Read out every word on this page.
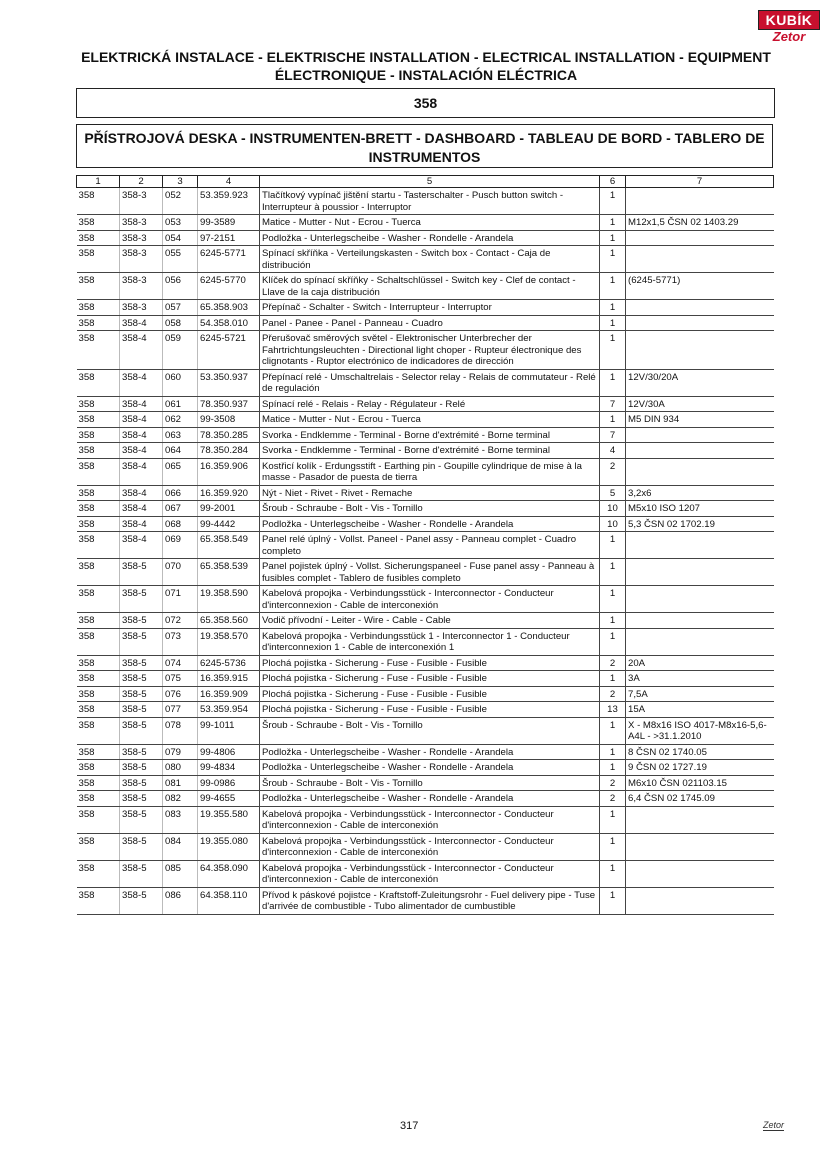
KUBÍK
Zetor
ELEKTRICKÁ INSTALACE - ELEKTRISCHE INSTALLATION - ELECTRICAL INSTALLATION - EQUIPMENT
ÉLECTRONIQUE - INSTALACIÓN ELÉCTRICA
358
PŘÍSTROJOVÁ DESKA - INSTRUMENTEN-BRETT - DASHBOARD - TABLEAU DE BORD - TABLERO DE INSTRUMENTOS
1	2	3	4	5	6	7
358	358-3	052	53.359.923	Tlačítkový vypínač jištění startu - Tasterschalter - Pusch button switch - Interrupteur à poussior - Interruptor	1	
358	358-3	053	99-3589	Matice - Mutter - Nut - Ecrou - Tuerca	1	M12x1,5 ČSN 02 1403.29
358	358-3	054	97-2151	Podložka - Unterlegscheibe - Washer - Rondelle - Arandela	1	
358	358-3	055	6245-5771	Spínací skříňka - Verteilungskasten - Switch box - Contact - Caja de distribución	1	
358	358-3	056	6245-5770	Klíček do spínací skříňky - Schaltschlüssel - Switch key - Clef de contact - Llave de la caja distribución	1	(6245-5771)
358	358-3	057	65.358.903	Přepínač - Schalter - Switch - Interrupteur - Interruptor	1	
358	358-4	058	54.358.010	Panel - Panee - Panel - Panneau - Cuadro	1	
358	358-4	059	6245-5721	Přerušovač směrových světel - Elektronischer Unterbrecher der Fahrtrichtungsleuchten - Directional light choper - Rupteur électronique des clignotants - Ruptor electrónico de indicadores de dirección	1	
358	358-4	060	53.350.937	Přepínací relé - Umschaltrelais - Selector relay - Relais de commutateur - Relé de regulación	1	12V/30/20A
358	358-4	061	78.350.937	Spínací relé - Relais - Relay - Régulateur - Relé	7	12V/30A
358	358-4	062	99-3508	Matice - Mutter - Nut - Ecrou - Tuerca	1	M5 DIN 934
358	358-4	063	78.350.285	Svorka - Endklemme - Terminal - Borne d'extrémité - Borne terminal	7	
358	358-4	064	78.350.284	Svorka - Endklemme - Terminal - Borne d'extrémité - Borne terminal	4	
358	358-4	065	16.359.906	Kostřicí kolík - Erdungsstift - Earthing pin - Goupille cylindrique de mise à la masse - Pasador de puesta de tierra	2	
358	358-4	066	16.359.920	Nýt - Niet - Rivet - Rivet - Remache	5	3,2x6
358	358-4	067	99-2001	Šroub - Schraube - Bolt - Vis - Tornillo	10	M5x10 ISO 1207
358	358-4	068	99-4442	Podložka - Unterlegscheibe - Washer - Rondelle - Arandela	10	5,3 ČSN 02 1702.19
358	358-4	069	65.358.549	Panel relé úplný - Vollst. Paneel - Panel assy - Panneau complet - Cuadro completo	1	
358	358-5	070	65.358.539	Panel pojistek úplný - Vollst. Sicherungspaneel - Fuse panel assy - Panneau à fusibles complet - Tablero de fusibles completo	1	
358	358-5	071	19.358.590	Kabelová propojka - Verbindungsstück - Interconnector - Conducteur d'interconnexion - Cable de interconexión	1	
358	358-5	072	65.358.560	Vodič přívodní - Leiter - Wire - Cable - Cable	1	
358	358-5	073	19.358.570	Kabelová propojka - Verbindungsstück 1 - Interconnector 1 - Conducteur d'interconnexion 1 - Cable de interconexión 1	1	
358	358-5	074	6245-5736	Plochá pojistka - Sicherung - Fuse - Fusible - Fusible	2	20A
358	358-5	075	16.359.915	Plochá pojistka - Sicherung - Fuse - Fusible - Fusible	1	3A
358	358-5	076	16.359.909	Plochá pojistka - Sicherung - Fuse - Fusible - Fusible	2	7,5A
358	358-5	077	53.359.954	Plochá pojistka - Sicherung - Fuse - Fusible - Fusible	13	15A
358	358-5	078	99-1011	Šroub - Schraube - Bolt - Vis - Tornillo	1	X - M8x16 ISO 4017-M8x16-5,6-A4L - >31.1.2010
358	358-5	079	99-4806	Podložka - Unterlegscheibe - Washer - Rondelle - Arandela	1	8 ČSN 02 1740.05
358	358-5	080	99-4834	Podložka - Unterlegscheibe - Washer - Rondelle - Arandela	1	9 ČSN 02 1727.19
358	358-5	081	99-0986	Šroub - Schraube - Bolt - Vis - Tornillo	2	M6x10 ČSN 021103.15
358	358-5	082	99-4655	Podložka - Unterlegscheibe - Washer - Rondelle - Arandela	2	6,4 ČSN 02 1745.09
358	358-5	083	19.355.580	Kabelová propojka - Verbindungsstück - Interconnector - Conducteur d'interconnexion - Cable de interconexión	1	
358	358-5	084	19.355.080	Kabelová propojka - Verbindungsstück - Interconnector - Conducteur d'interconnexion - Cable de interconexión	1	
358	358-5	085	64.358.090	Kabelová propojka - Verbindungsstück - Interconnector - Conducteur d'interconnexion - Cable de interconexión	1	
358	358-5	086	64.358.110	Přívod k páskové pojistce - Kraftstoff-Zuleitungsrohr - Fuel delivery pipe - Tuse d'arrivée de combustible - Tubo alimentador de cumbustible	1	
317	Zetor
